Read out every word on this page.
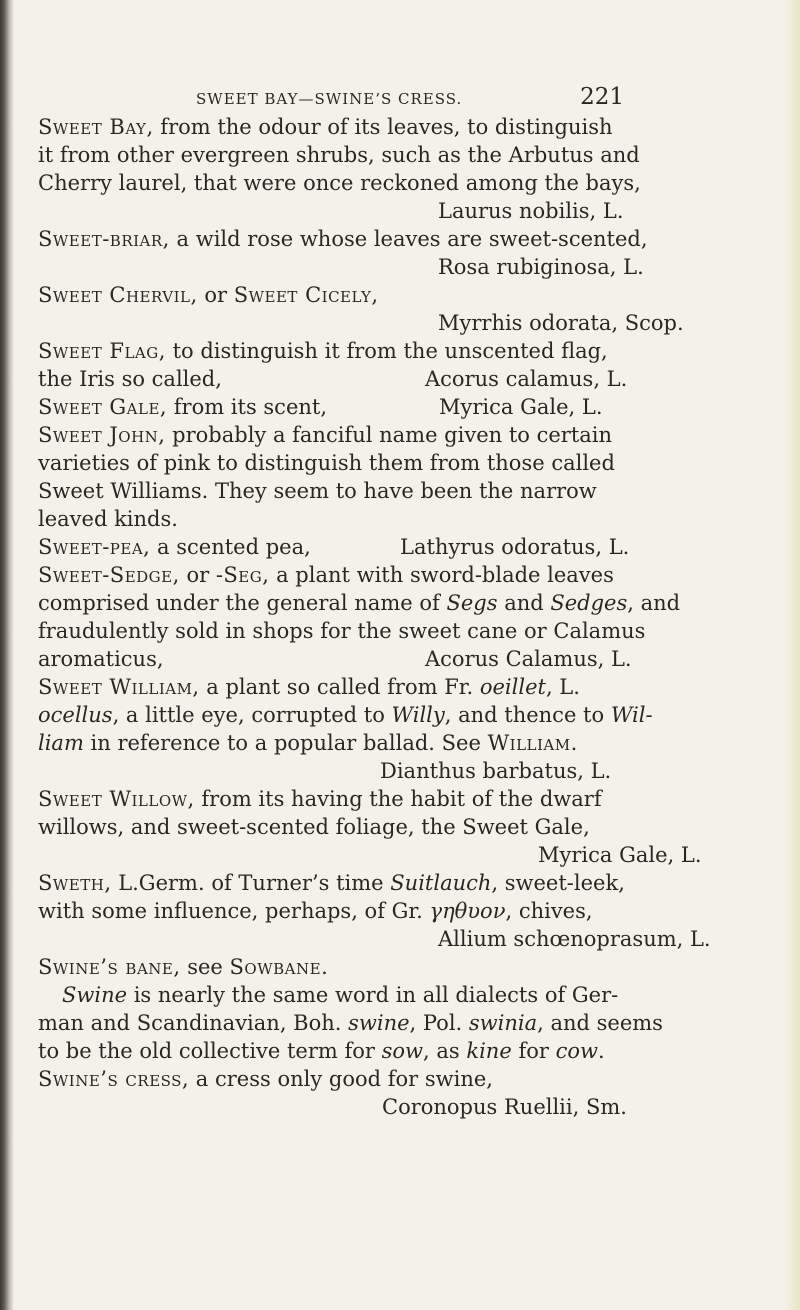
SWEET BAY—SWINE’S CRESS.	221
Sweet Bay, from the odour of its leaves, to distinguish
it from other evergreen shrubs, such as the Arbutus and
Cherry laurel, that were once reckoned among the bays,
Laurus nobilis, L.
Sweet-briar, a wild rose whose leaves are sweet-scented,
Rosa rubiginosa, L.
Sweet Chervil, or Sweet Cicely,
Myrrhis odorata, Scop.
Sweet Flag, to distinguish it from the unscented flag,
the Iris so called,	Acorus calamus, L.
Sweet Gale, from its scent,	Myrica Gale, L.
Sweet John, probably a fanciful name given to certain
varieties of pink to distinguish them from those called
Sweet Williams. They seem to have been the narrow
leaved kinds.
Sweet-pea, a scented pea,	Lathyrus odoratus, L.
Sweet-Sedge, or -Seg, a plant with sword-blade leaves
comprised under the general name of Segs and Sedges, and
fraudulently sold in shops for the sweet cane or Calamus
aromaticus,	Acorus Calamus, L.
Sweet William, a plant so called from Fr. oeillet, L.
ocellus, a little eye, corrupted to Willy, and thence to Wil-
liam in reference to a popular ballad. See William.
Dianthus barbatus, L.
Sweet Willow, from its having the habit of the dwarf
willows, and sweet-scented foliage, the Sweet Gale,
Myrica Gale, L.
Sweth, L.Germ. of Turner’s time Suitlauch, sweet-leek,
with some influence, perhaps, of Gr. γηθυον, chives,
Allium schœnoprasum, L.
Swine’s bane, see Sowbane.
Swine is nearly the same word in all dialects of Ger-
man and Scandinavian, Boh. swine, Pol. swinia, and seems
to be the old collective term for sow, as kine for cow.
Swine’s cress, a cress only good for swine,
Coronopus Ruellii, Sm.
